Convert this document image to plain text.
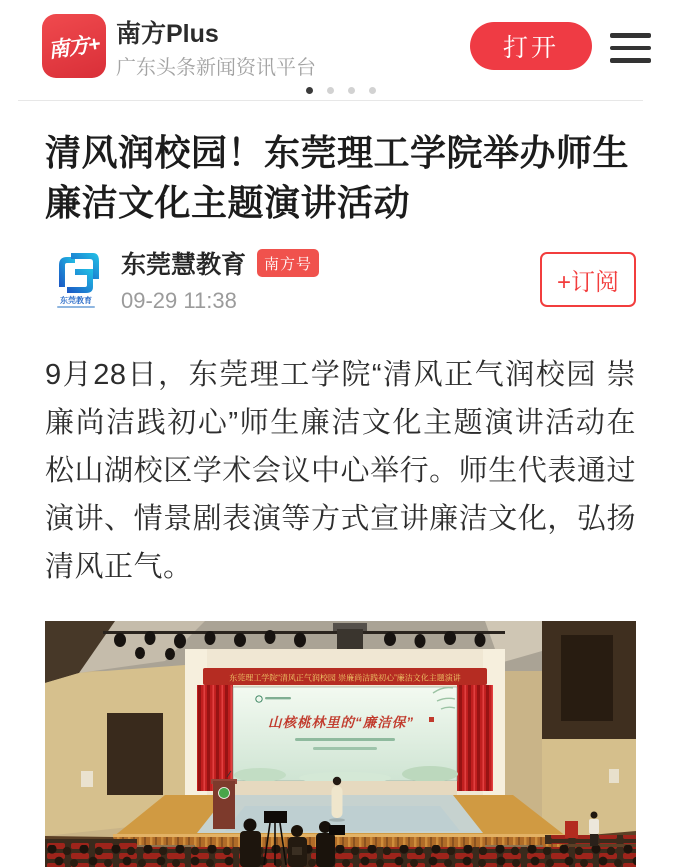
南方+ 南方Plus
广东头条新闻资讯平台
打开
清风润校园！东莞理工学院举办师生廉洁文化主题演讲活动
东莞教育
东莞慧教育	南方号
09-29 11:38
+订阅

9月28日，东莞理工学院“清风正气润校园 崇廉尚洁践初心”师生廉洁文化主题演讲活动在松山湖校区学术会议中心举行。师生代表通过演讲、情景剧表演等方式宣讲廉洁文化，弘扬清风正气。

东莞理工学院“清风正气润校园 崇廉尚洁践初心”廉洁文化主题演讲
山核桃林里的“廉洁保”
